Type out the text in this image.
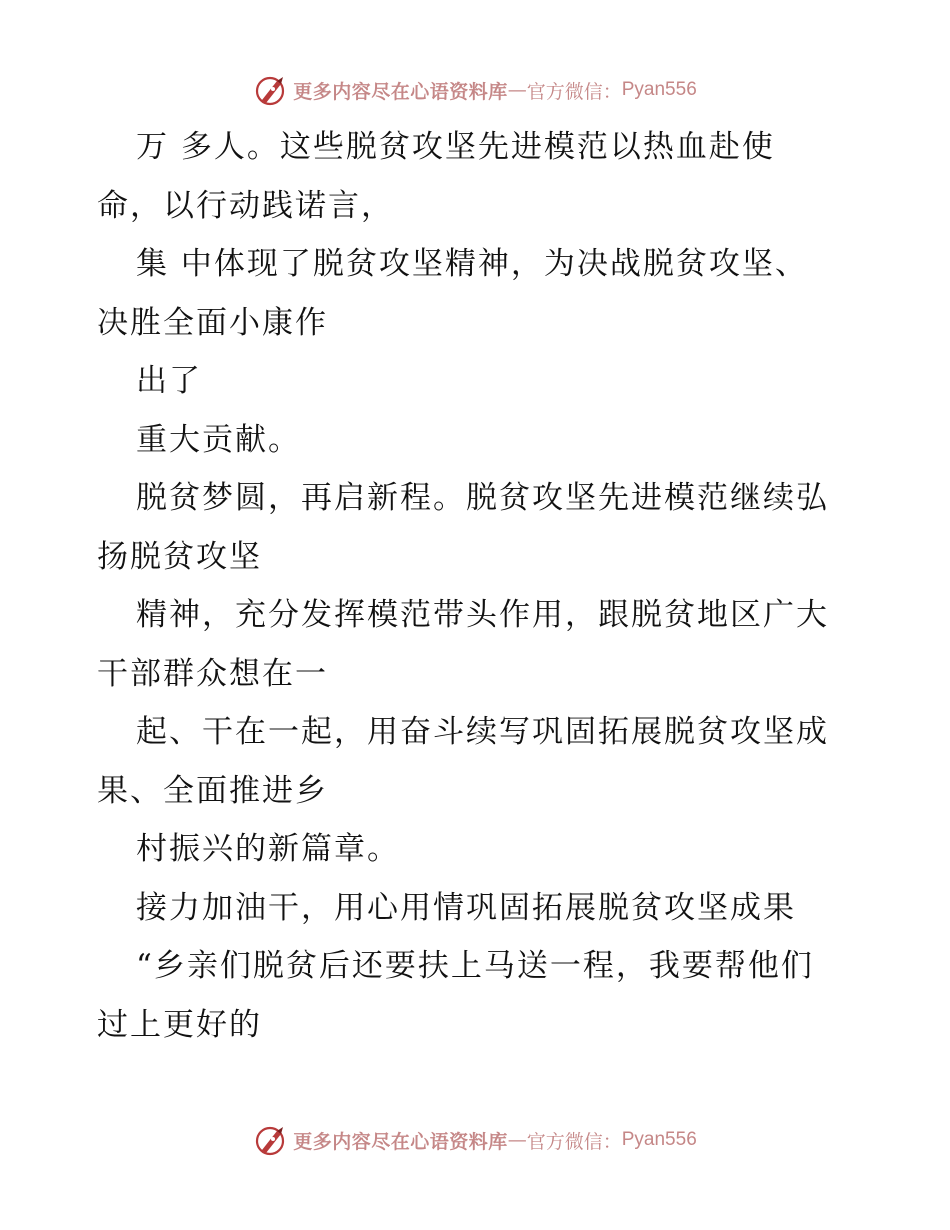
更多内容尽在心语资料库 — 官方微信： Pyan556
万 多人。这些脱贫攻坚先进模范以热血赴使
命，以行动践诺言，
集 中体现了脱贫攻坚精神，为决战脱贫攻坚、
决胜全面小康作
出了
重大贡献。
脱贫梦圆，再启新程。脱贫攻坚先进模范继续弘
扬脱贫攻坚
精神，充分发挥模范带头作用，跟脱贫地区广大
干部群众想在一
起、干在一起，用奋斗续写巩固拓展脱贫攻坚成
果、全面推进乡
村振兴的新篇章。
接力加油干，用心用情巩固拓展脱贫攻坚成果
“乡亲们脱贫后还要扶上马送一程，我要帮他们
过上更好的
更多内容尽在心语资料库 — 官方微信： Pyan556
